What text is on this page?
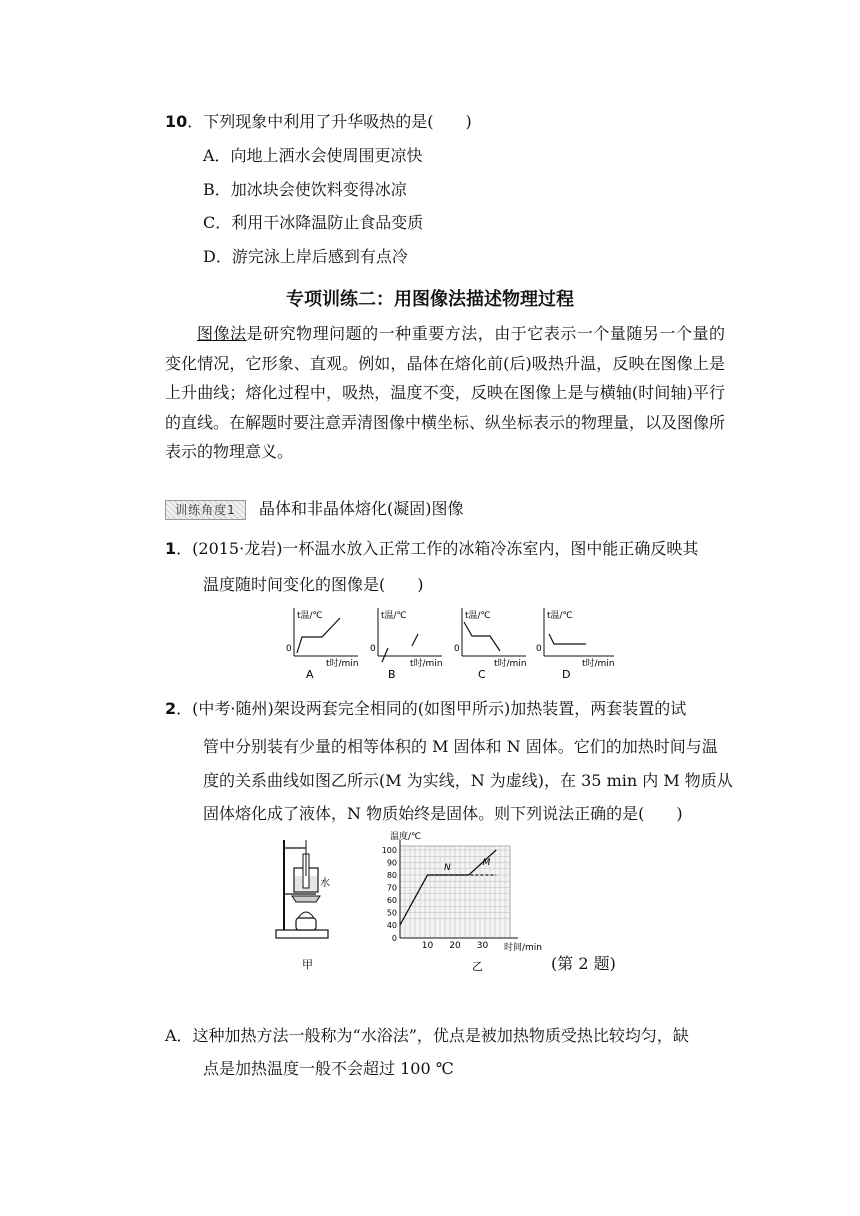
10．下列现象中利用了升华吸热的是(　　)
A．向地上洒水会使周围更凉快
B．加冰块会使饮料变得冰凉
C．利用干冰降温防止食品变质
D．游完泳上岸后感到有点冷
专项训练二：用图像法描述物理过程
图像法是研究物理问题的一种重要方法，由于它表示一个量随另一个量的变化情况，它形象、直观。例如，晶体在熔化前(后)吸热升温，反映在图像上是上升曲线；熔化过程中，吸热，温度不变，反映在图像上是与横轴(时间轴)平行的直线。在解题时要注意弄清图像中横坐标、纵坐标表示的物理量，以及图像所表示的物理意义。
训练角度1	晶体和非晶体熔化(凝固)图像
1．(2015·龙岩)一杯温水放入正常工作的冰箱冷冻室内，图中能正确反映其
温度随时间变化的图像是(　　)
t温/℃
0
t时/min
A
t温/℃
0
t时/min
B
t温/℃
0
t时/min
C
t温/℃
0
t时/min
D
2．(中考·随州)架设两套完全相同的(如图甲所示)加热装置，两套装置的试
管中分别装有少量的相等体积的 M 固体和 N 固体。它们的加热时间与温
度的关系曲线如图乙所示(M 为实线，N 为虚线)，在 35 min 内 M 物质从
固体熔化成了液体，N 物质始终是固体。则下列说法正确的是(　　)
水
甲
0
40
50
60
70
80
90
100
10 20 30
N	M
温度/℃
时间/min
乙	(第 2 题)
A．这种加热方法一般称为“水浴法”，优点是被加热物质受热比较均匀，缺
点是加热温度一般不会超过 100 ℃
